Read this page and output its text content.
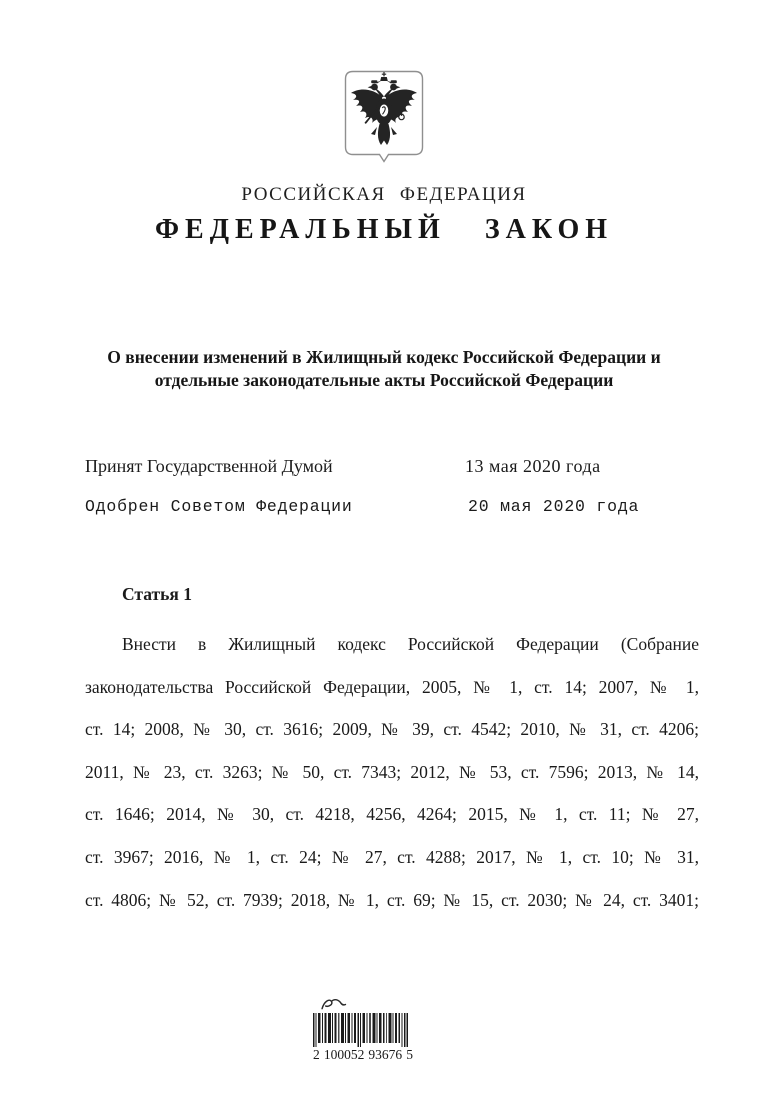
РОССИЙСКАЯ ФЕДЕРАЦИЯ
ФЕДЕРАЛЬНЫЙ ЗАКОН
О внесении изменений в Жилищный кодекс Российской Федерации и
отдельные законодательные акты Российской Федерации
Принят Государственной Думой	13 мая 2020 года
Одобрен Советом Федерации	20 мая 2020 года
Статья 1
Внести в Жилищный кодекс Российской Федерации (Собрание
законодательства Российской Федерации, 2005, № 1, ст. 14; 2007, № 1,
ст. 14; 2008, № 30, ст. 3616; 2009, № 39, ст. 4542; 2010, № 31, ст. 4206;
2011, № 23, ст. 3263; № 50, ст. 7343; 2012, № 53, ст. 7596; 2013, № 14,
ст. 1646; 2014, № 30, ст. 4218, 4256, 4264; 2015, № 1, ст. 11; № 27,
ст. 3967; 2016, № 1, ст. 24; № 27, ст. 4288; 2017, № 1, ст. 10; № 31,
ст. 4806; № 52, ст. 7939; 2018, № 1, ст. 69; № 15, ст. 2030; № 24, ст. 3401;
2 100052 93676 5
